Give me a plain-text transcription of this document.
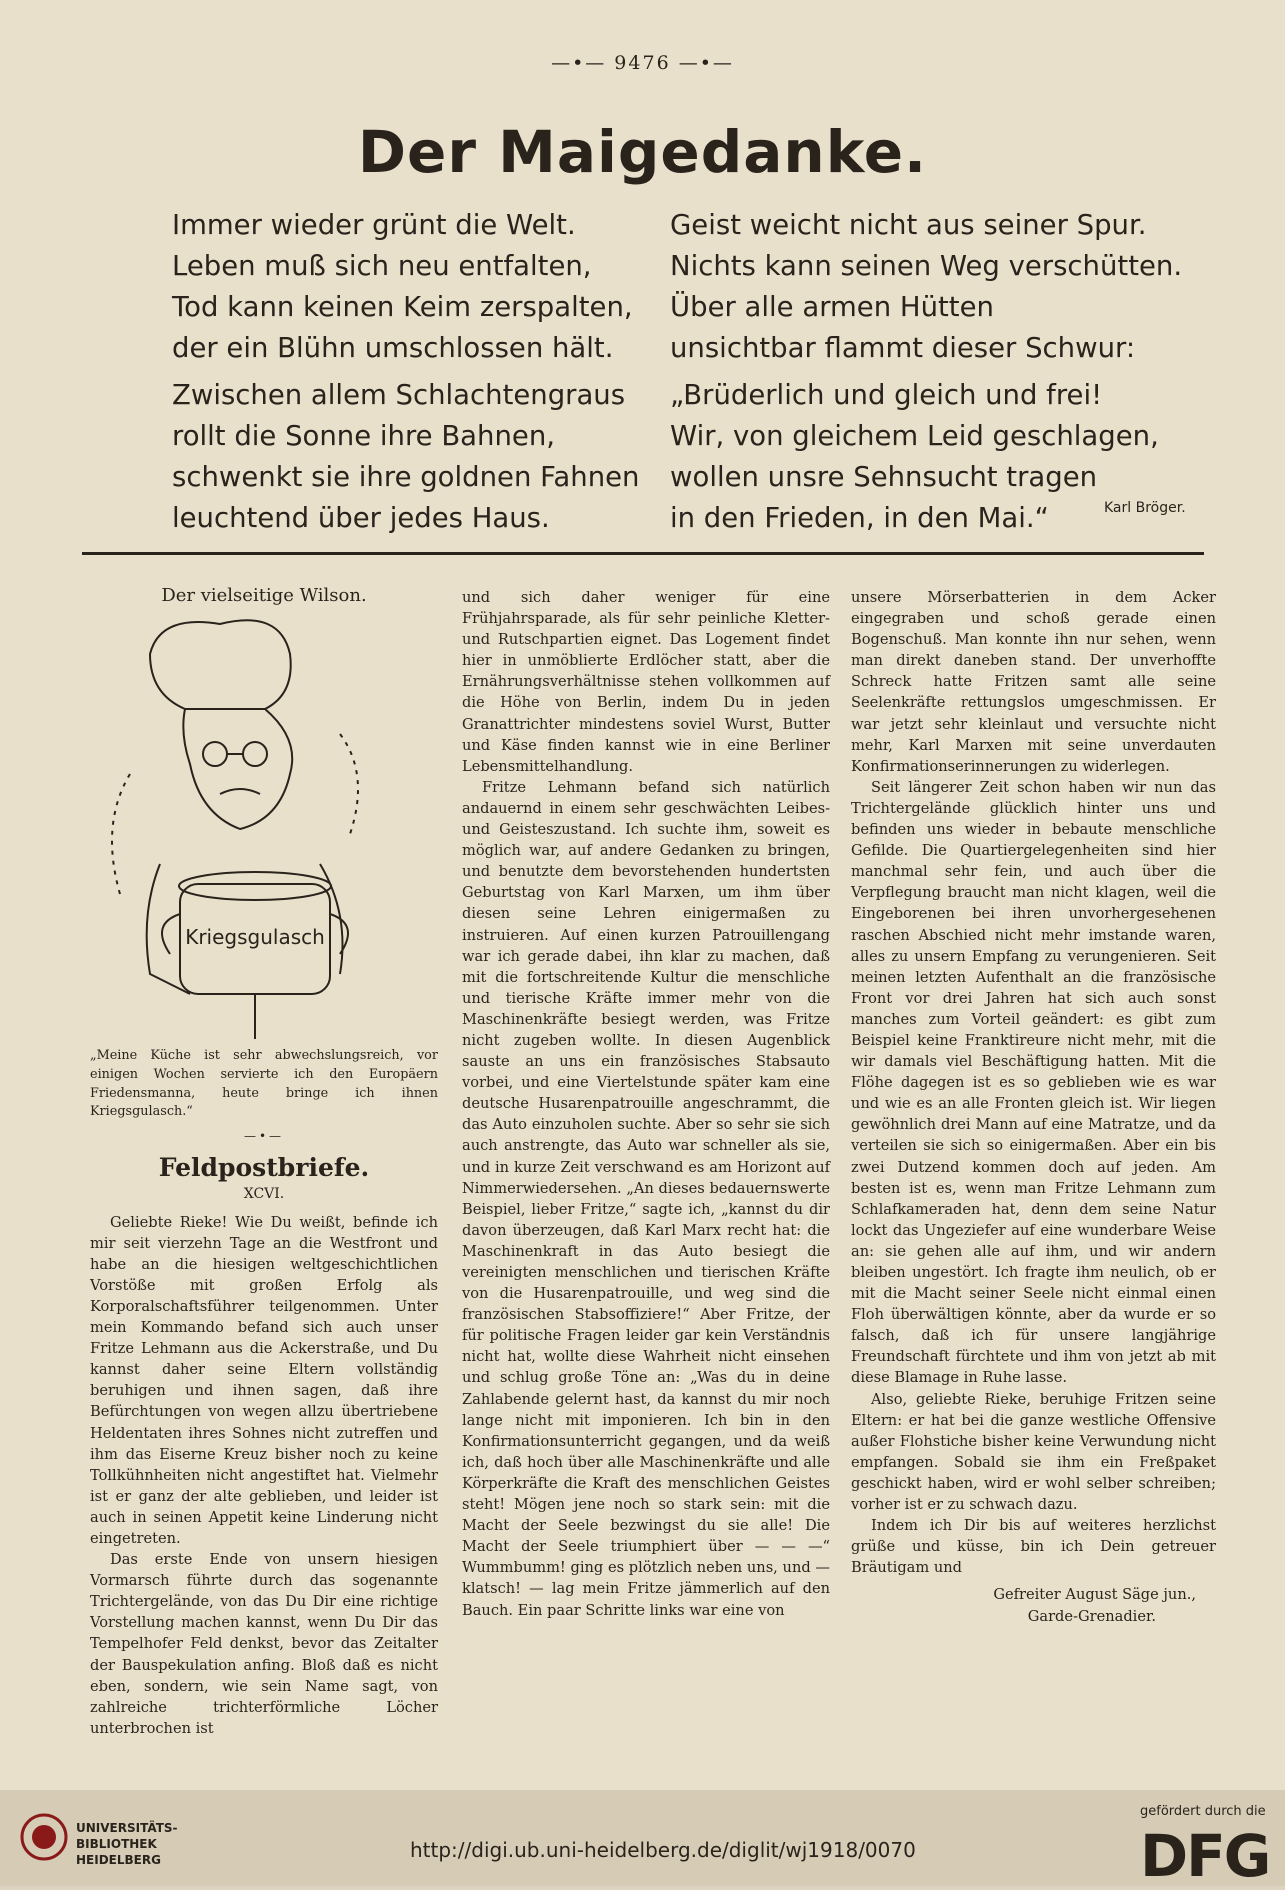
—•— 9476 —•—
Der Maigedanke.
Immer wieder grünt die Welt.
Leben muß sich neu entfalten,
Tod kann keinen Keim zerspalten,
der ein Blühn umschlossen hält.
Zwischen allem Schlachtengraus
rollt die Sonne ihre Bahnen,
schwenkt sie ihre goldnen Fahnen
leuchtend über jedes Haus.
Geist weicht nicht aus seiner Spur.
Nichts kann seinen Weg verschütten.
Über alle armen Hütten
unsichtbar flammt dieser Schwur:
„Brüderlich und gleich und frei!
Wir, von gleichem Leid geschlagen,
wollen unsre Sehnsucht tragen
in den Frieden, in den Mai.“	Karl Bröger.
Der vielseitige Wilson.
Kriegsgulasch
„Meine Küche ist sehr abwechslungsreich, vor einigen Wochen servierte ich den Europäern Friedensmanna, heute bringe ich ihnen Kriegsgulasch.“
—•—
Feldpostbriefe.
XCVI.

Geliebte Rieke! Wie Du weißt, befinde ich mir seit vierzehn Tage an die Westfront und habe an die hiesigen weltgeschichtlichen Vorstöße mit großen Erfolg als Korporalschaftsführer teilgenommen. Unter mein Kommando befand sich auch unser Fritze Lehmann aus die Ackerstraße, und Du kannst daher seine Eltern vollständig beruhigen und ihnen sagen, daß ihre Befürchtungen von wegen allzu übertriebene Heldentaten ihres Sohnes nicht zutreffen und ihm das Eiserne Kreuz bisher noch zu keine Tollkühnheiten nicht angestiftet hat. Vielmehr ist er ganz der alte geblieben, und leider ist auch in seinen Appetit keine Linderung nicht eingetreten.

Das erste Ende von unsern hiesigen Vormarsch führte durch das sogenannte Trichtergelände, von das Du Dir eine richtige Vorstellung machen kannst, wenn Du Dir das Tempelhofer Feld denkst, bevor das Zeitalter der Bauspekulation anfing. Bloß daß es nicht eben, sondern, wie sein Name sagt, von zahlreiche trichterförmliche Löcher unterbrochen ist

und sich daher weniger für eine Frühjahrsparade, als für sehr peinliche Kletter- und Rutschpartien eignet. Das Logement findet hier in unmöblierte Erdlöcher statt, aber die Ernährungsverhältnisse stehen vollkommen auf die Höhe von Berlin, indem Du in jeden Granattrichter mindestens soviel Wurst, Butter und Käse finden kannst wie in eine Berliner Lebensmittelhandlung.

Fritze Lehmann befand sich natürlich andauernd in einem sehr geschwächten Leibes- und Geisteszustand. Ich suchte ihm, soweit es möglich war, auf andere Gedanken zu bringen, und benutzte dem bevorstehenden hundertsten Geburtstag von Karl Marxen, um ihm über diesen seine Lehren einigermaßen zu instruieren. Auf einen kurzen Patrouillengang war ich gerade dabei, ihn klar zu machen, daß mit die fortschreitende Kultur die menschliche und tierische Kräfte immer mehr von die Maschinenkräfte besiegt werden, was Fritze nicht zugeben wollte. In diesen Augenblick sauste an uns ein französisches Stabsauto vorbei, und eine Viertelstunde später kam eine deutsche Husarenpatrouille angeschrammt, die das Auto einzuholen suchte. Aber so sehr sie sich auch anstrengte, das Auto war schneller als sie, und in kurze Zeit verschwand es am Horizont auf Nimmerwiedersehen. „An dieses bedauernswerte Beispiel, lieber Fritze,“ sagte ich, „kannst du dir davon überzeugen, daß Karl Marx recht hat: die Maschinenkraft in das Auto besiegt die vereinigten menschlichen und tierischen Kräfte von die Husarenpatrouille, und weg sind die französischen Stabsoffiziere!“ Aber Fritze, der für politische Fragen leider gar kein Verständnis nicht hat, wollte diese Wahrheit nicht einsehen und schlug große Töne an: „Was du in deine Zahlabende gelernt hast, da kannst du mir noch lange nicht mit imponieren. Ich bin in den Konfirmationsunterricht gegangen, und da weiß ich, daß hoch über alle Maschinenkräfte und alle Körperkräfte die Kraft des menschlichen Geistes steht! Mögen jene noch so stark sein: mit die Macht der Seele bezwingst du sie alle! Die Macht der Seele triumphiert über — — —“ Wummbumm! ging es plötzlich neben uns, und — klatsch! — lag mein Fritze jämmerlich auf den Bauch. Ein paar Schritte links war eine von

unsere Mörserbatterien in dem Acker eingegraben und schoß gerade einen Bogenschuß. Man konnte ihn nur sehen, wenn man direkt daneben stand. Der unverhoffte Schreck hatte Fritzen samt alle seine Seelenkräfte rettungslos umgeschmissen. Er war jetzt sehr kleinlaut und versuchte nicht mehr, Karl Marxen mit seine unverdauten Konfirmationserinnerungen zu widerlegen.

Seit längerer Zeit schon haben wir nun das Trichtergelände glücklich hinter uns und befinden uns wieder in bebaute menschliche Gefilde. Die Quartiergelegenheiten sind hier manchmal sehr fein, und auch über die Verpflegung braucht man nicht klagen, weil die Eingeborenen bei ihren unvorhergesehenen raschen Abschied nicht mehr imstande waren, alles zu unsern Empfang zu verungenieren. Seit meinen letzten Aufenthalt an die französische Front vor drei Jahren hat sich auch sonst manches zum Vorteil geändert: es gibt zum Beispiel keine Franktireure nicht mehr, mit die wir damals viel Beschäftigung hatten. Mit die Flöhe dagegen ist es so geblieben wie es war und wie es an alle Fronten gleich ist. Wir liegen gewöhnlich drei Mann auf eine Matratze, und da verteilen sie sich so einigermaßen. Aber ein bis zwei Dutzend kommen doch auf jeden. Am besten ist es, wenn man Fritze Lehmann zum Schlafkameraden hat, denn dem seine Natur lockt das Ungeziefer auf eine wunderbare Weise an: sie gehen alle auf ihm, und wir andern bleiben ungestört. Ich fragte ihm neulich, ob er mit die Macht seiner Seele nicht einmal einen Floh überwältigen könnte, aber da wurde er so falsch, daß ich für unsere langjährige Freundschaft fürchtete und ihm von jetzt ab mit diese Blamage in Ruhe lasse.

Also, geliebte Rieke, beruhige Fritzen seine Eltern: er hat bei die ganze westliche Offensive außer Flohstiche bisher keine Verwundung nicht empfangen. Sobald sie ihm ein Freßpaket geschickt haben, wird er wohl selber schreiben; vorher ist er zu schwach dazu.

Indem ich Dir bis auf weiteres herzlichst grüße und küsse, bin ich Dein getreuer Bräutigam und

Gefreiter August Säge jun.,
Garde-Grenadier.
UNIVERSITÄTS-
BIBLIOTHEK
HEIDELBERG	http://digi.ub.uni-heidelberg.de/diglit/wj1918/0070
gefördert durch die
DFG
